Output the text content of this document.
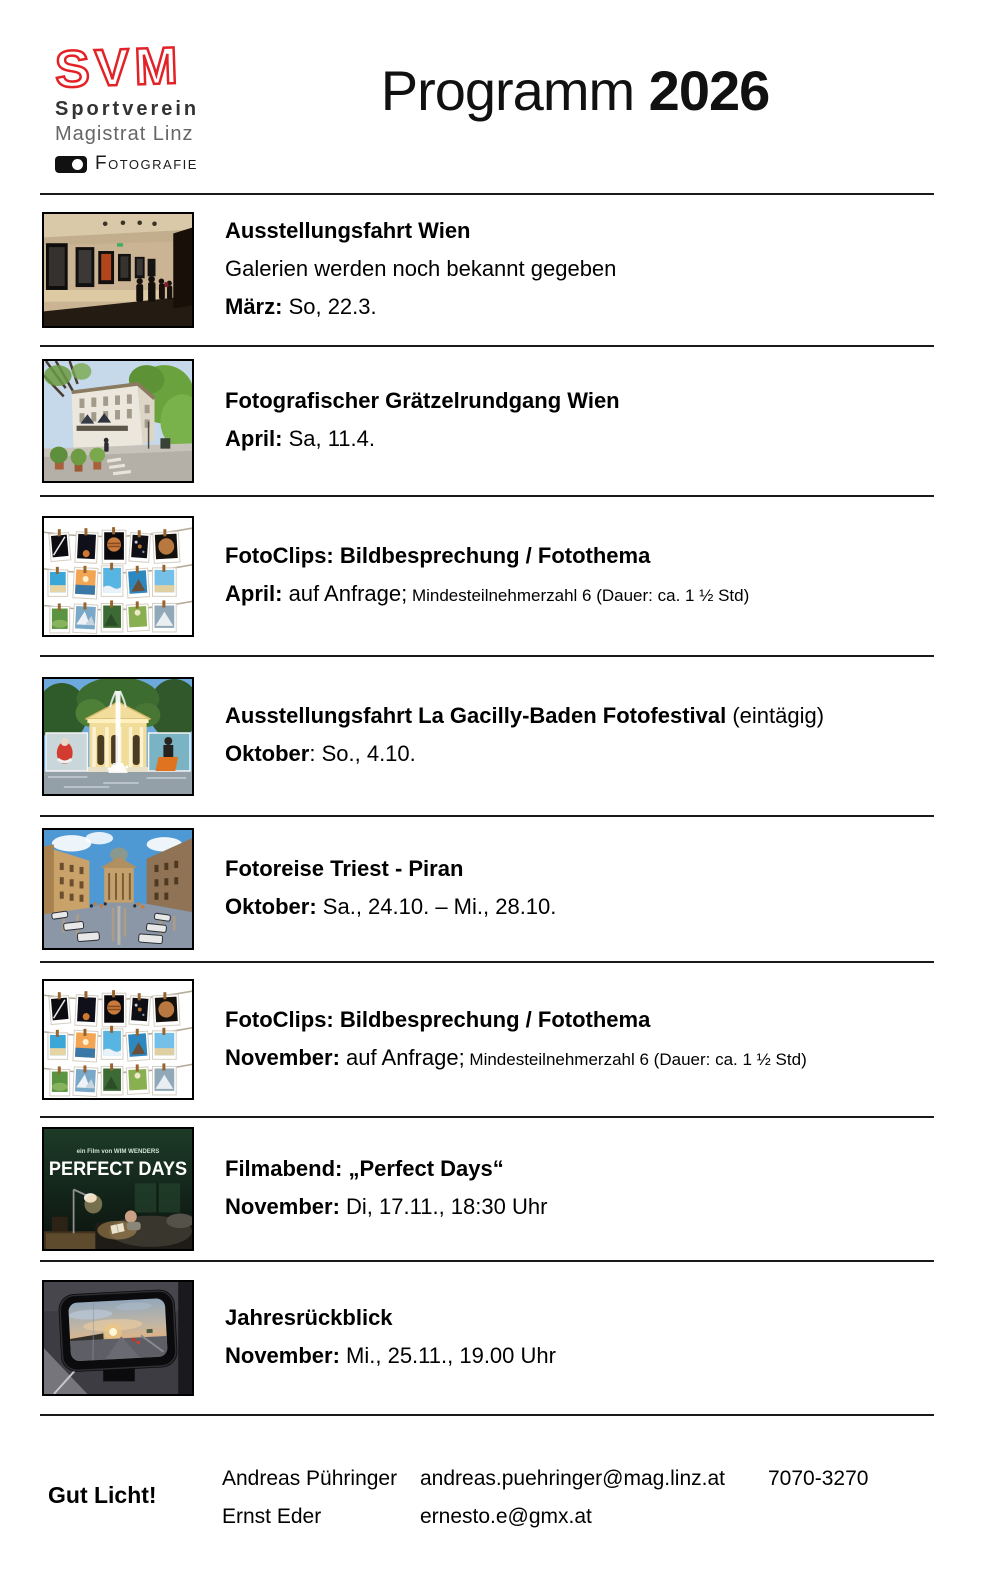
SVM
Sportverein
Magistrat Linz
Fotografie
Programm 2026
Ausstellungsfahrt Wien
Galerien werden noch bekannt gegeben
März: So, 22.3.
Fotografischer Grätzelrundgang Wien
April: Sa, 11.4.
FotoClips: Bildbesprechung / Fotothema
April: auf Anfrage; Mindesteilnehmerzahl 6 (Dauer: ca. 1 ½ Std)
Ausstellungsfahrt La Gacilly-Baden Fotofestival (eintägig)
Oktober: So., 4.10.
Fotoreise Triest - Piran
Oktober: Sa., 24.10. – Mi., 28.10.
FotoClips: Bildbesprechung / Fotothema
November: auf Anfrage; Mindesteilnehmerzahl 6 (Dauer: ca. 1 ½ Std)
Filmabend: „Perfect Days“
November: Di, 17.11., 18:30 Uhr
Jahresrückblick
November: Mi., 25.11., 19.00 Uhr
Gut Licht!
Andreas Pühringer	andreas.puehringer@mag.linz.at	7070-3270
Ernst Eder	ernesto.e@gmx.at
